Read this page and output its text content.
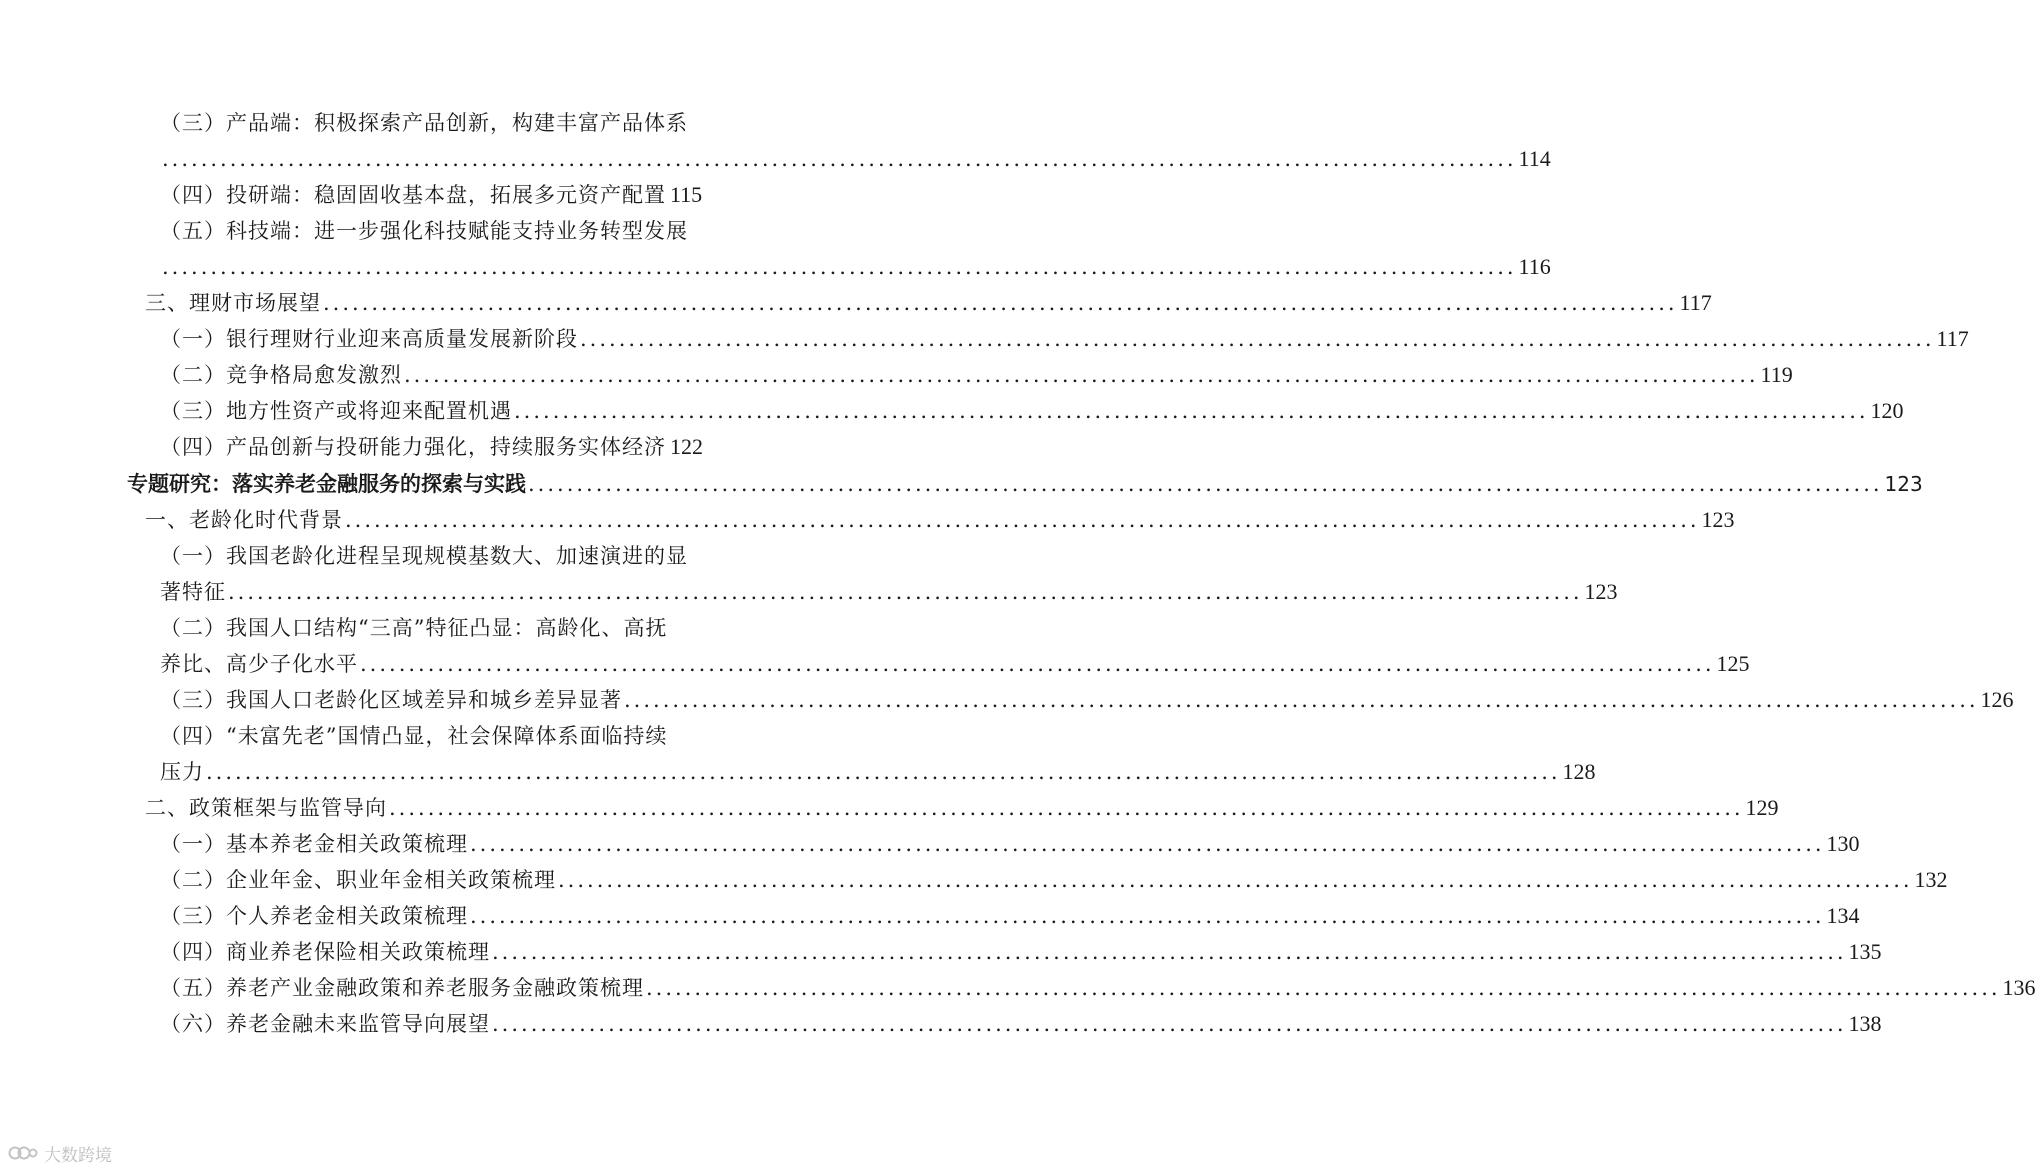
（三）产品端：积极探索产品创新，构建丰富产品体系
............................................................................................................................................ 114
（四）投研端：稳固固收基本盘，拓展多元资产配置 115
（五）科技端：进一步强化科技赋能支持业务转型发展
............................................................................................................................................ 116
三、理财市场展望 ............................................................................................................................................ 117
（一）银行理财行业迎来高质量发展新阶段 ............................................................................................................................................ 117
（二）竞争格局愈发激烈 ............................................................................................................................................ 119
（三）地方性资产或将迎来配置机遇 ............................................................................................................................................ 120
（四）产品创新与投研能力强化，持续服务实体经济 122
专题研究：落实养老金融服务的探索与实践 ............................................................................................................................................ 123
一、老龄化时代背景 ............................................................................................................................................ 123
（一）我国老龄化进程呈现规模基数大、加速演进的显
著特征 ............................................................................................................................................ 123
（二）我国人口结构“三高”特征凸显：高龄化、高抚
养比、高少子化水平 ............................................................................................................................................ 125
（三）我国人口老龄化区域差异和城乡差异显著 ............................................................................................................................................ 126
（四）“未富先老”国情凸显，社会保障体系面临持续
压力 ............................................................................................................................................ 128
二、政策框架与监管导向 ............................................................................................................................................ 129
（一）基本养老金相关政策梳理 ............................................................................................................................................ 130
（二）企业年金、职业年金相关政策梳理 ............................................................................................................................................ 132
（三）个人养老金相关政策梳理 ............................................................................................................................................ 134
（四）商业养老保险相关政策梳理 ............................................................................................................................................ 135
（五）养老产业金融政策和养老服务金融政策梳理 ............................................................................................................................................ 136
（六）养老金融未来监管导向展望 ............................................................................................................................................ 138
大数跨境
